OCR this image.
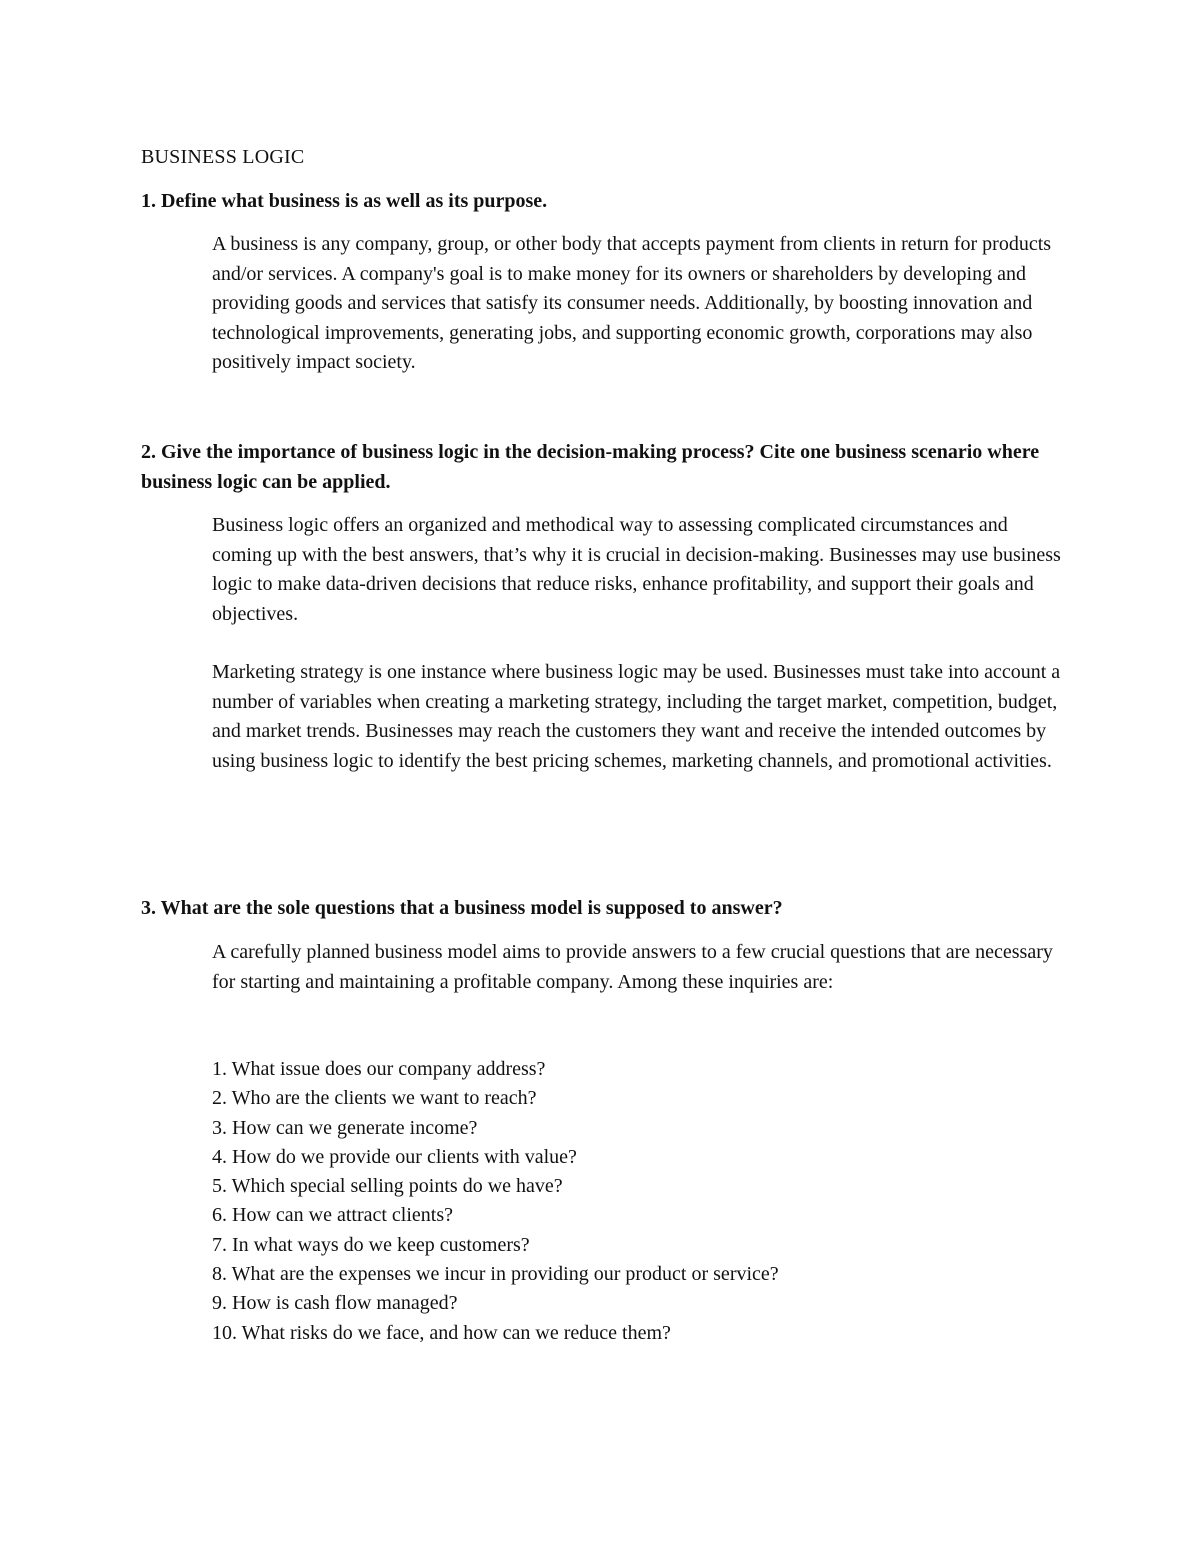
BUSINESS LOGIC

1. Define what business is as well as its purpose.

A business is any company, group, or other body that accepts payment from clients in return for products and/or services. A company's goal is to make money for its owners or shareholders by developing and providing goods and services that satisfy its consumer needs. Additionally, by boosting innovation and technological improvements, generating jobs, and supporting economic growth, corporations may also positively impact society.

2. Give the importance of business logic in the decision-making process? Cite one business scenario where business logic can be applied.

Business logic offers an organized and methodical way to assessing complicated circumstances and coming up with the best answers, that’s why it is crucial in decision-making. Businesses may use business logic to make data-driven decisions that reduce risks, enhance profitability, and support their goals and objectives.

Marketing strategy is one instance where business logic may be used. Businesses must take into account a number of variables when creating a marketing strategy, including the target market, competition, budget, and market trends. Businesses may reach the customers they want and receive the intended outcomes by using business logic to identify the best pricing schemes, marketing channels, and promotional activities.

3. What are the sole questions that a business model is supposed to answer?

A carefully planned business model aims to provide answers to a few crucial questions that are necessary for starting and maintaining a profitable company. Among these inquiries are:

1. What issue does our company address?
2. Who are the clients we want to reach?
3. How can we generate income?
4. How do we provide our clients with value?
5. Which special selling points do we have?
6. How can we attract clients?
7. In what ways do we keep customers?
8. What are the expenses we incur in providing our product or service?
9. How is cash flow managed?
10. What risks do we face, and how can we reduce them?
